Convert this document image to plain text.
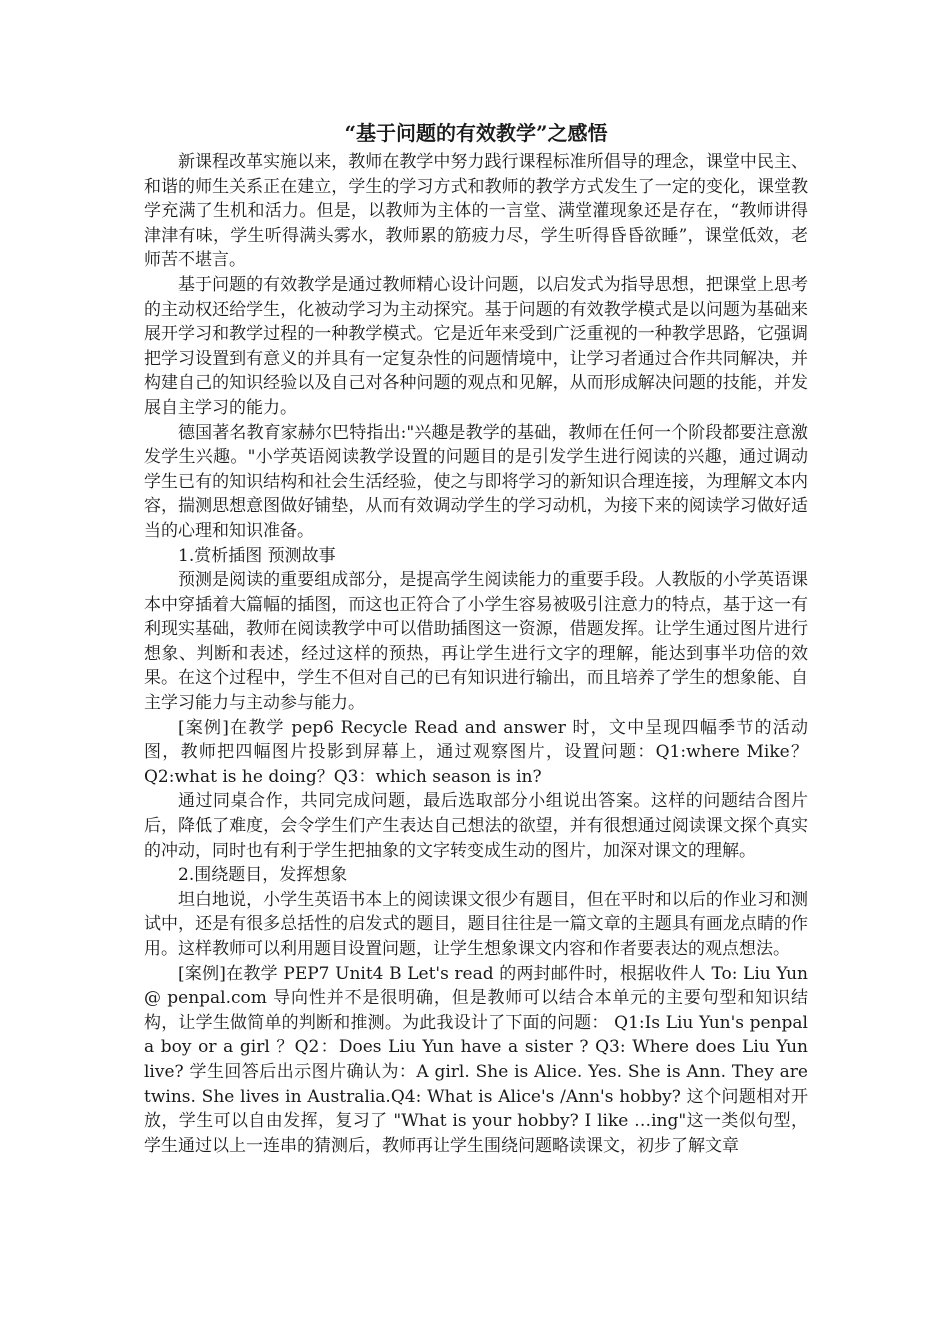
“基于问题的有效教学”之感悟

新课程改革实施以来，教师在教学中努力践行课程标准所倡导的理念，课堂中民主、和谐的师生关系正在建立，学生的学习方式和教师的教学方式发生了一定的变化，课堂教学充满了生机和活力。但是，以教师为主体的一言堂、满堂灌现象还是存在，“教师讲得津津有味，学生听得满头雾水，教师累的筋疲力尽，学生听得昏昏欲睡”，课堂低效，老师苦不堪言。

基于问题的有效教学是通过教师精心设计问题，以启发式为指导思想，把课堂上思考的主动权还给学生，化被动学习为主动探究。基于问题的有效教学模式是以问题为基础来展开学习和教学过程的一种教学模式。它是近年来受到广泛重视的一种教学思路，它强调把学习设置到有意义的并具有一定复杂性的问题情境中，让学习者通过合作共同解决，并构建自己的知识经验以及自己对各种问题的观点和见解，从而形成解决问题的技能，并发展自主学习的能力。

德国著名教育家赫尔巴特指出:"兴趣是教学的基础，教师在任何一个阶段都要注意激发学生兴趣。"小学英语阅读教学设置的问题目的是引发学生进行阅读的兴趣，通过调动学生已有的知识结构和社会生活经验，使之与即将学习的新知识合理连接，为理解文本内容，揣测思想意图做好铺垫，从而有效调动学生的学习动机，为接下来的阅读学习做好适当的心理和知识准备。

1.赏析插图 预测故事

预测是阅读的重要组成部分，是提高学生阅读能力的重要手段。人教版的小学英语课本中穿插着大篇幅的插图，而这也正符合了小学生容易被吸引注意力的特点，基于这一有利现实基础，教师在阅读教学中可以借助插图这一资源，借题发挥。让学生通过图片进行想象、判断和表述，经过这样的预热，再让学生进行文字的理解，能达到事半功倍的效果。在这个过程中，学生不但对自己的已有知识进行输出，而且培养了学生的想象能、自主学习能力与主动参与能力。

[案例]在教学 pep6 Recycle Read and answer 时，文中呈现四幅季节的活动图，教师把四幅图片投影到屏幕上，通过观察图片，设置问题：Q1:where Mike？Q2:what is he doing？Q3：which season is in?

通过同桌合作，共同完成问题，最后选取部分小组说出答案。这样的问题结合图片后，降低了难度，会令学生们产生表达自己想法的欲望，并有很想通过阅读课文探个真实的冲动，同时也有利于学生把抽象的文字转变成生动的图片，加深对课文的理解。

2.围绕题目，发挥想象

坦白地说，小学生英语书本上的阅读课文很少有题目，但在平时和以后的作业习和测试中，还是有很多总括性的启发式的题目，题目往往是一篇文章的主题具有画龙点睛的作用。这样教师可以利用题目设置问题，让学生想象课文内容和作者要表达的观点想法。

[案例]在教学 PEP7 Unit4 B Let's read 的两封邮件时，根据收件人 To: Liu Yun @ penpal.com 导向性并不是很明确，但是教师可以结合本单元的主要句型和知识结构，让学生做简单的判断和推测。为此我设计了下面的问题： Q1:Is Liu Yun's penpal a boy or a girl ？Q2：Does Liu Yun have a sister ? Q3: Where does Liu Yun live? 学生回答后出示图片确认为：A girl. She is Alice. Yes. She is Ann. They are twins. She lives in Australia.Q4: What is Alice's /Ann's hobby? 这个问题相对开放，学生可以自由发挥，复习了 "What is your hobby? I like …ing"这一类似句型，学生通过以上一连串的猜测后，教师再让学生围绕问题略读课文，初步了解文章
